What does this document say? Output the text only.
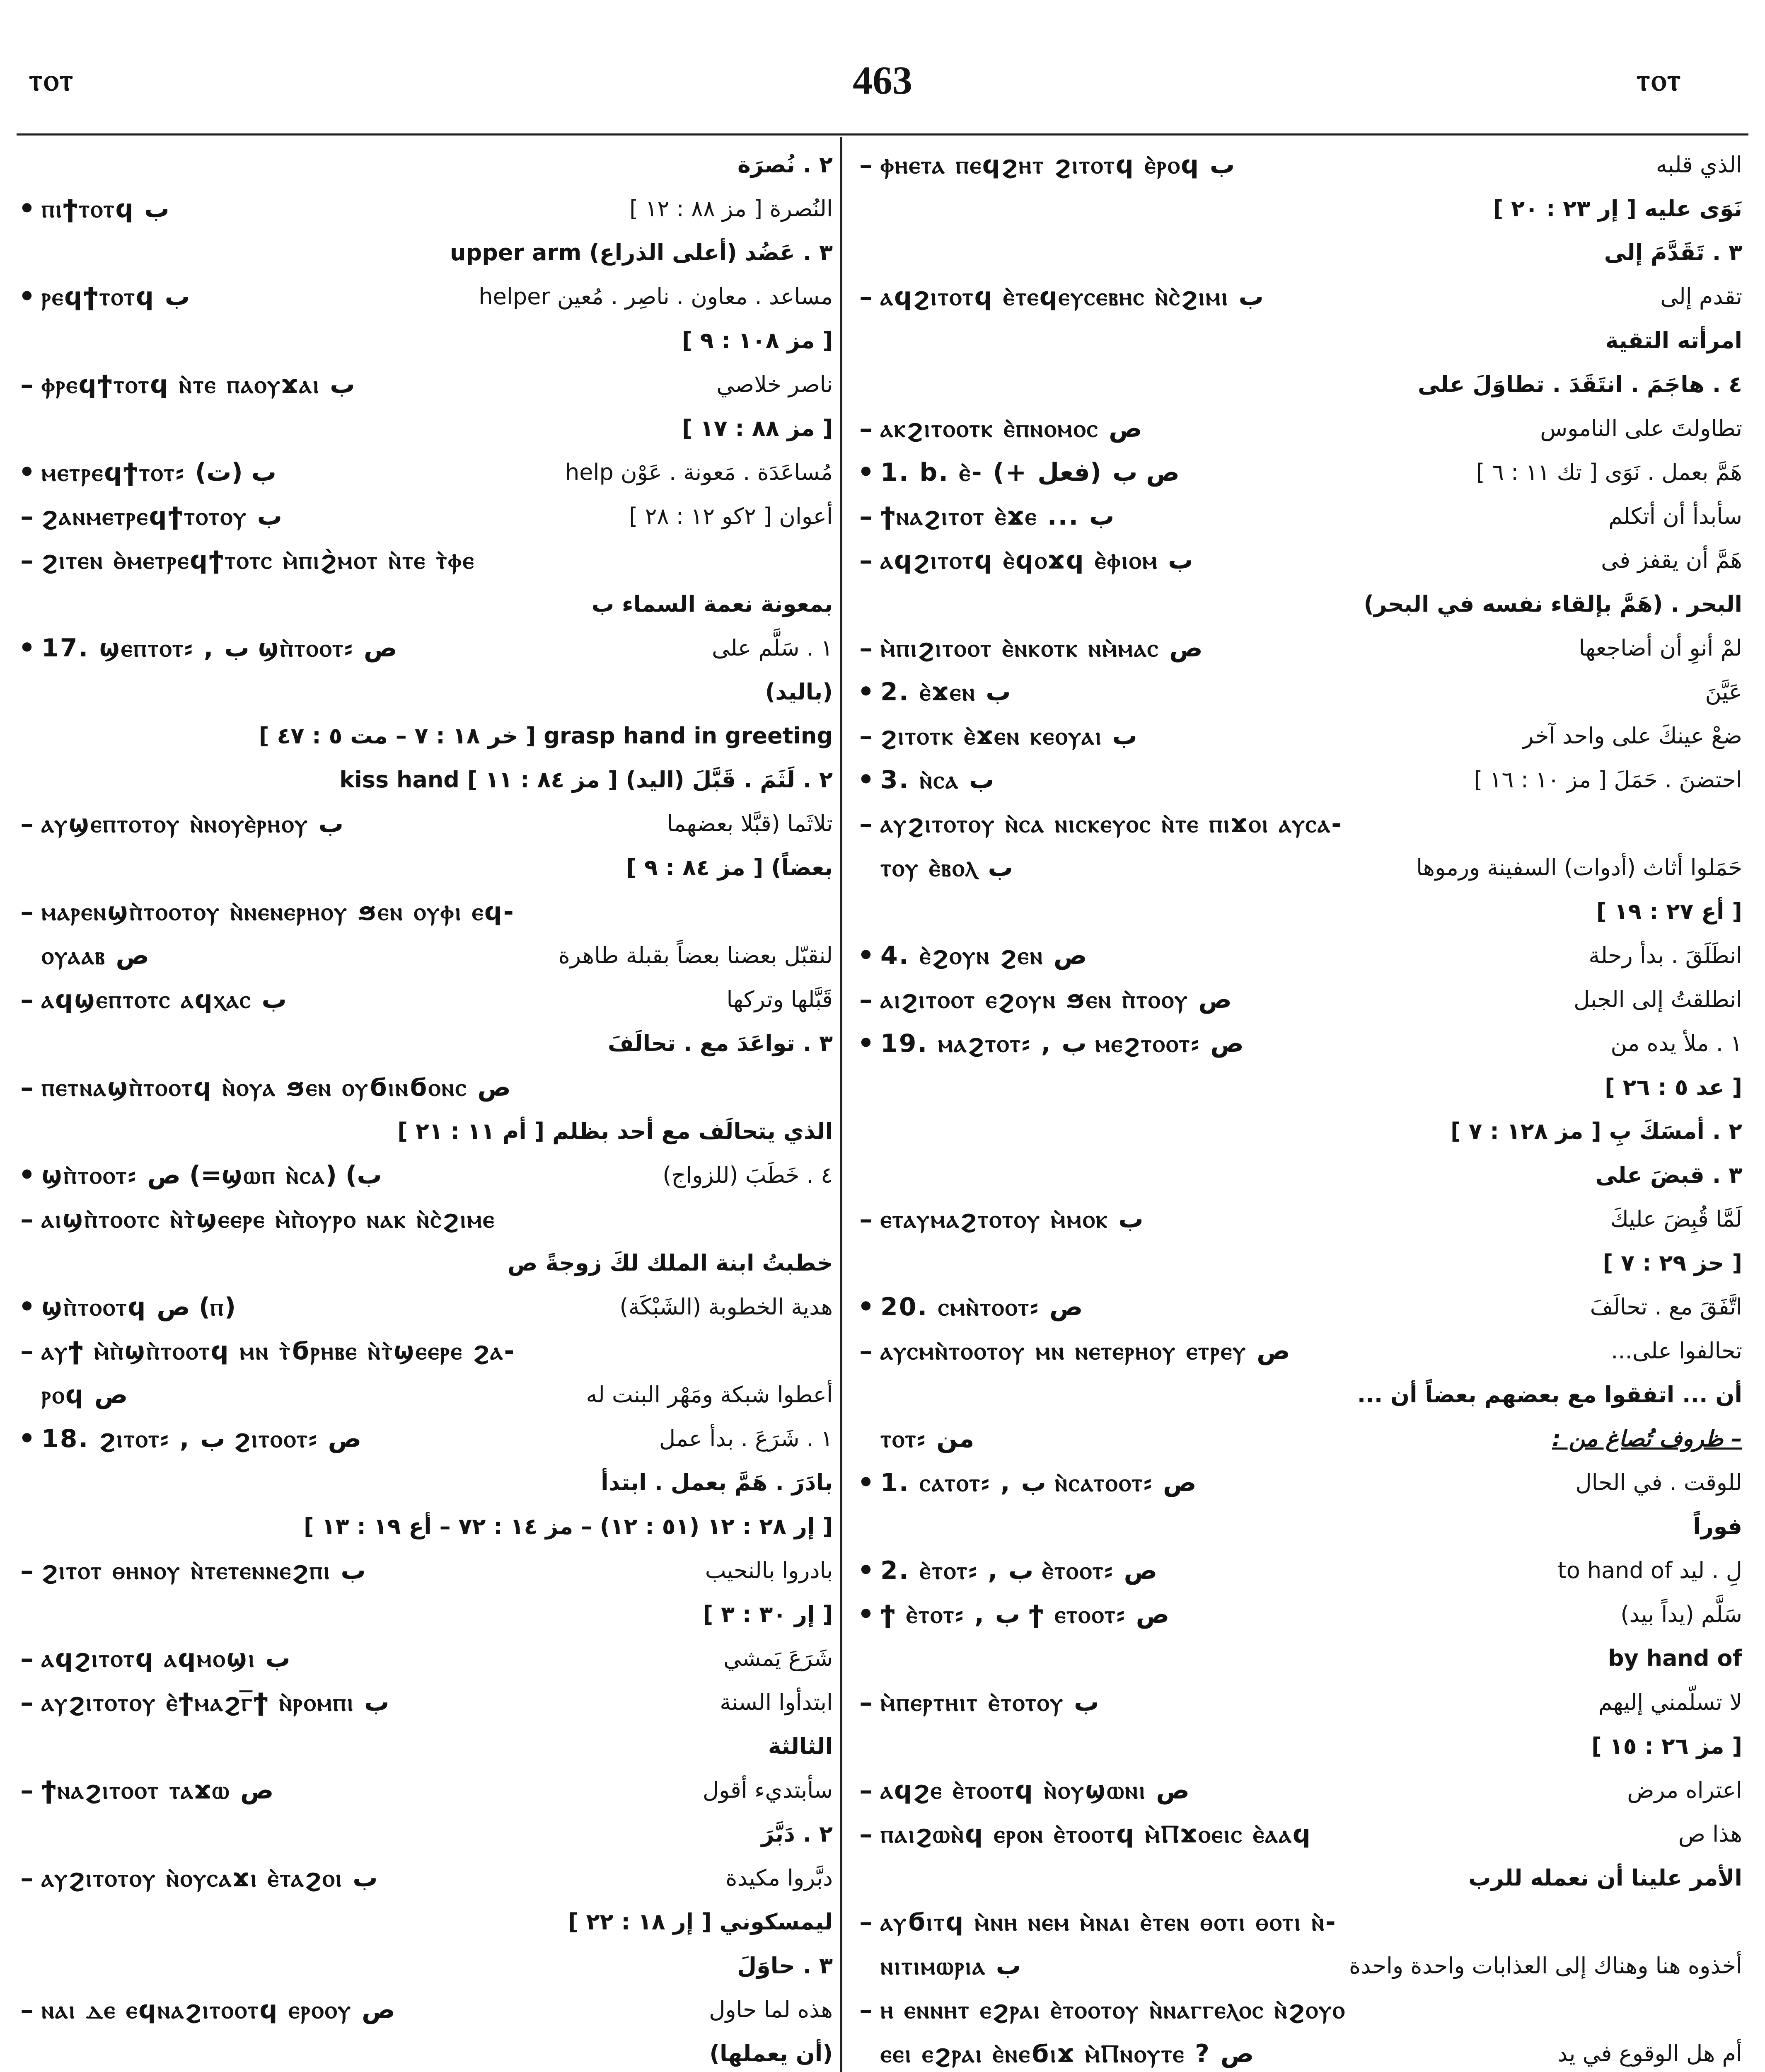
ⲧⲟⲧ	463	ⲧⲟⲧ
٢ . نُصرَة
• ⲡⲓϯⲧⲟⲧϥ ب	النُصرة [ مز ٨٨ : ١٢ ]
٣ . عَضُد (أعلى الذراع) upper arm
• ⲣⲉϥϯⲧⲟⲧϥ ب	مساعد . معاون . ناصِر . مُعين helper
[ مز ١٠٨ : ٩ ]
– ⲫⲣⲉϥϯⲧⲟⲧϥ ⲛ̀ⲧⲉ ⲡⲁⲟⲩϫⲁⲓ ب	ناصر خلاصي
[ مز ٨٨ : ١٧ ]
• ⲙⲉⲧⲣⲉϥϯⲧⲟⲧ⸗ ب (ت)	مُساعَدَة . مَعونة . عَوْن help
– ϩⲁⲛⲙⲉⲧⲣⲉϥϯⲧⲟⲧⲟⲩ ب	أعوان [ ٢كو ١٢ : ٢٨ ]
– ϩⲓⲧⲉⲛ ⲑ̀ⲙⲉⲧⲣⲉϥϯⲧⲟⲧⲥ ⲙ̀ⲡⲓϩ̀ⲙⲟⲧ ⲛ̀ⲧⲉ ⲧ̀ⲫⲉ
بمعونة نعمة السماء ب
• 17. ϣⲉⲡⲧⲟⲧ⸗ , ب ϣⲡ̀ⲧⲟⲟⲧ⸗ ص	١ . سَلَّم على
(باليد)
grasp hand in greeting [ خر ١٨ : ٧ – مت ٥ : ٤٧ ]
٢ . لَثَمَ . قَبَّلَ (اليد) [ مز ٨٤ : ١١ ] kiss hand
– ⲁⲩϣⲉⲡⲧⲟⲧⲟⲩ ⲛ̀ⲛⲟⲩⲉ̀ⲣⲏⲟⲩ ب	تلاثَما (قبَّلا بعضهما
بعضاً) [ مز ٨٤ : ٩ ]
– ⲙⲁⲣⲉⲛϣⲡ̀ⲧⲟⲟⲧⲟⲩ ⲛ̀ⲛⲉⲛⲉⲣⲏⲟⲩ ϧⲉⲛ ⲟⲩⲫⲓ ⲉϥ-
ⲟⲩⲁⲁⲃ ص	لنقبّل بعضنا بعضاً بقبلة طاهرة
– ⲁϥϣⲉⲡⲧⲟⲧⲥ ⲁϥⲭⲁⲥ ب	قَبَّلها وتركها
٣ . تواعَدَ مع . تحالَفَ
– ⲡⲉⲧⲛⲁϣⲡ̀ⲧⲟⲟⲧϥ ⲛ̀ⲟⲩⲁ ϧⲉⲛ ⲟⲩϭⲓⲛϭⲟⲛⲥ ص
الذي يتحالَف مع أحد بظلم [ أم ١١ : ٢١ ]
• ϣⲡ̀ⲧⲟⲟⲧ⸗ ص (=ϣⲱⲡ ⲛ̀ⲥⲁ) (ب	٤ . خَطَبَ (للزواج)
– ⲁⲓϣⲡ̀ⲧⲟⲟⲧⲥ ⲛ̀ⲧ̀ϣⲉⲉⲣⲉ ⲙ̀ⲡ̀ⲟⲩⲣⲟ ⲛⲁⲕ ⲛ̀ⲥ̀ϩⲓⲙⲉ
خطبتُ ابنة الملك لكَ زوجةً ص
• ϣⲡ̀ⲧⲟⲟⲧϥ ص (ⲡ)	هدية الخطوبة (الشَبْكَة)
– ⲁⲩϯ ⲙ̀ⲡ̀ϣⲡ̀ⲧⲟⲟⲧϥ ⲙⲛ ⲧ̀ϭⲣⲏⲃⲉ ⲛ̀ⲧ̀ϣⲉⲉⲣⲉ ϩⲁ-
ⲣⲟϥ ص	أعطوا شبكة ومَهْر البنت له
• 18. ϩⲓⲧⲟⲧ⸗ , ب ϩⲓⲧⲟⲟⲧ⸗ ص	١ . شَرَعَ . بدأ عمل
بادَرَ . هَمَّ بعمل . ابتدأ
[ إر ٢٨ : ١٢ (٥١ : ١٢) – مز ١٤ : ٧٢ – أع ١٩ : ١٣ ]
– ϩⲓⲧⲟⲧ ⲑⲏⲛⲟⲩ ⲛ̀ⲧⲉⲧⲉⲛⲛⲉϩⲡⲓ ب	بادروا بالنحيب
[ إر ٣٠ : ٣ ]
– ⲁϥϩⲓⲧⲟⲧϥ ⲁϥⲙⲟϣⲓ ب	شَرَعَ يَمشي
– ⲁⲩϩⲓⲧⲟⲧⲟⲩ ⲉ̀ϯⲙⲁϩⲅ̅ϯ ⲛ̀ⲣⲟⲙⲡⲓ ب	ابتدأوا السنة
الثالثة
– ϯⲛⲁϩⲓⲧⲟⲟⲧ ⲧⲁϫⲱ ص	سأبتديء أقول
٢ . دَبَّرَ
– ⲁⲩϩⲓⲧⲟⲧⲟⲩ ⲛ̀ⲟⲩⲥⲁϫⲓ ⲉ̀ⲧⲁϩⲟⲓ ب	دبَّروا مكيدة
ليمسكوني [ إر ١٨ : ٢٢ ]
٣ . حاوَلَ
– ⲛⲁⲓ ⲇⲉ ⲉϥⲛⲁϩⲓⲧⲟⲟⲧϥ ⲉⲣⲟⲟⲩ ص	هذه لما حاول
(أن يعملها)
– ⲫⲏⲉⲧⲁ ⲡⲉϥϩⲏⲧ ϩⲓⲧⲟⲧϥ ⲉ̀ⲣⲟϥ ب	الذي قلبه
نَوَى عليه [ إر ٢٣ : ٢٠ ]
٣ . تَقَدَّمَ إلى
– ⲁϥϩⲓⲧⲟⲧϥ ⲉ̀ⲧⲉϥⲉⲩⲥⲉⲃⲏⲥ ⲛ̀ⲥ̀ϩⲓⲙⲓ ب	تقدم إلى
امرأته التقية
٤ . هاجَمَ . انتَقَدَ . تطاوَلَ على
– ⲁⲕϩⲓⲧⲟⲟⲧⲕ ⲉ̀ⲡⲛⲟⲙⲟⲥ ص	تطاولتَ على الناموس
• 1. b. ⲉ̀- (+ فعل) ص ب	هَمَّ بعمل . نَوَى [ تك ١١ : ٦ ]
– ϯⲛⲁϩⲓⲧⲟⲧ ⲉ̀ϫⲉ ... ب	سأبدأ أن أتكلم
– ⲁϥϩⲓⲧⲟⲧϥ ⲉ̀ϥⲟϫϥ ⲉ̀ⲫⲓⲟⲙ ب	هَمَّ أن يقفز فى
البحر . (هَمَّ بإلقاء نفسه في البحر)
– ⲙ̀ⲡⲓϩⲓⲧⲟⲟⲧ ⲉ̀ⲛⲕⲟⲧⲕ ⲛⲙ̀ⲙⲁⲥ ص	لمْ أنوِ أن أضاجعها
• 2. ⲉ̀ϫⲉⲛ ب	عَيَّنَ
– ϩⲓⲧⲟⲧⲕ ⲉ̀ϫⲉⲛ ⲕⲉⲟⲩⲁⲓ ب	ضعْ عينكَ على واحد آخر
• 3. ⲛ̀ⲥⲁ ب	احتضنَ . حَمَلَ [ مز ١٠ : ١٦ ]
– ⲁⲩϩⲓⲧⲟⲧⲟⲩ ⲛ̀ⲥⲁ ⲛⲓⲥⲕⲉⲩⲟⲥ ⲛ̀ⲧⲉ ⲡⲓϫⲟⲓ ⲁⲩⲥⲁ-
ⲧⲟⲩ ⲉ̀ⲃⲟⲗ ب	حَمَلوا أثاث (أدوات) السفينة ورموها
[ أع ٢٧ : ١٩ ]
• 4. ⲉ̀ϩⲟⲩⲛ ϩⲉⲛ ص	انطَلَقَ . بدأ رحلة
– ⲁⲓϩⲓⲧⲟⲟⲧ ⲉϩⲟⲩⲛ ϧⲉⲛ ⲡ̀ⲧⲟⲟⲩ ص	انطلقتُ إلى الجبل
• 19. ⲙⲁϩⲧⲟⲧ⸗ , ب ⲙⲉϩⲧⲟⲟⲧ⸗ ص	١ . ملأ يده من
[ عد ٥ : ٢٦ ]
٢ . أمسَكَ بِ [ مز ١٢٨ : ٧ ]
٣ . قبضَ على
– ⲉⲧⲁⲩⲙⲁϩⲧⲟⲧⲟⲩ ⲙ̀ⲙⲟⲕ ب	لَمَّا قُبِضَ عليكَ
[ حز ٢٩ : ٧ ]
• 20. ⲥⲙⲛ̀ⲧⲟⲟⲧ⸗ ص	اتَّفَقَ مع . تحالَفَ
– ⲁⲩⲥⲙⲛ̀ⲧⲟⲟⲧⲟⲩ ⲙⲛ ⲛⲉⲧⲉⲣⲏⲟⲩ ⲉⲧⲣⲉⲩ ص	تحالفوا على...
أن ... اتفقوا مع بعضهم بعضاً أن ...
ⲧⲟⲧ⸗ من	– ظروف تُصاغ من :
• 1. ⲥⲁⲧⲟⲧ⸗ , ب ⲛ̀ⲥⲁⲧⲟⲟⲧ⸗ ص	للوقت . في الحال
فوراً
• 2. ⲉ̀ⲧⲟⲧ⸗ , ب ⲉ̀ⲧⲟⲟⲧ⸗ ص	لِ . ليد to hand of
• ϯ ⲉ̀ⲧⲟⲧ⸗ , ب ϯ ⲉⲧⲟⲟⲧ⸗ ص	سَلَّم (يداً بيد)
by hand of
– ⲙ̀ⲡⲉⲣⲧⲏⲓⲧ ⲉ̀ⲧⲟⲧⲟⲩ ب	لا تسلّمني إليهم
[ مز ٢٦ : ١٥ ]
– ⲁϥϩⲉ ⲉ̀ⲧⲟⲟⲧϥ ⲛ̀ⲟⲩϣⲱⲛⲓ ص	اعتراه مرض
– ⲡⲁⲓϩⲱⲛ̀ϥ ⲉⲣⲟⲛ ⲉ̀ⲧⲟⲟⲧϥ ⲙ̀Ⲡϫⲟⲉⲓⲥ ⲉ̀ⲁⲁϥ	هذا ص
الأمر علينا أن نعمله للرب
– ⲁⲩϭⲓⲧϥ ⲙ̀ⲛⲏ ⲛⲉⲙ ⲙ̀ⲛⲁⲓ ⲉ̀ⲧⲉⲛ ⲑⲟⲧⲓ ⲑⲟⲧⲓ ⲛ̀-
ⲛⲓⲧⲓⲙⲱⲣⲓⲁ ب	أخذوه هنا وهناك إلى العذابات واحدة واحدة
– ⲏ ⲉⲛⲛⲏⲧ ⲉϩⲣⲁⲓ ⲉ̀ⲧⲟⲟⲧⲟⲩ ⲛ̀ⲛⲁⲅⲅⲉⲗⲟⲥ ⲛ̀ϩⲟⲩⲟ
ⲉⲉⲓ ⲉϩⲣⲁⲓ ⲉ̀ⲛⲉϭⲓϫ ⲙ̀Ⲡⲛⲟⲩⲧⲉ ? ص	أم هل الوقوع في يد
